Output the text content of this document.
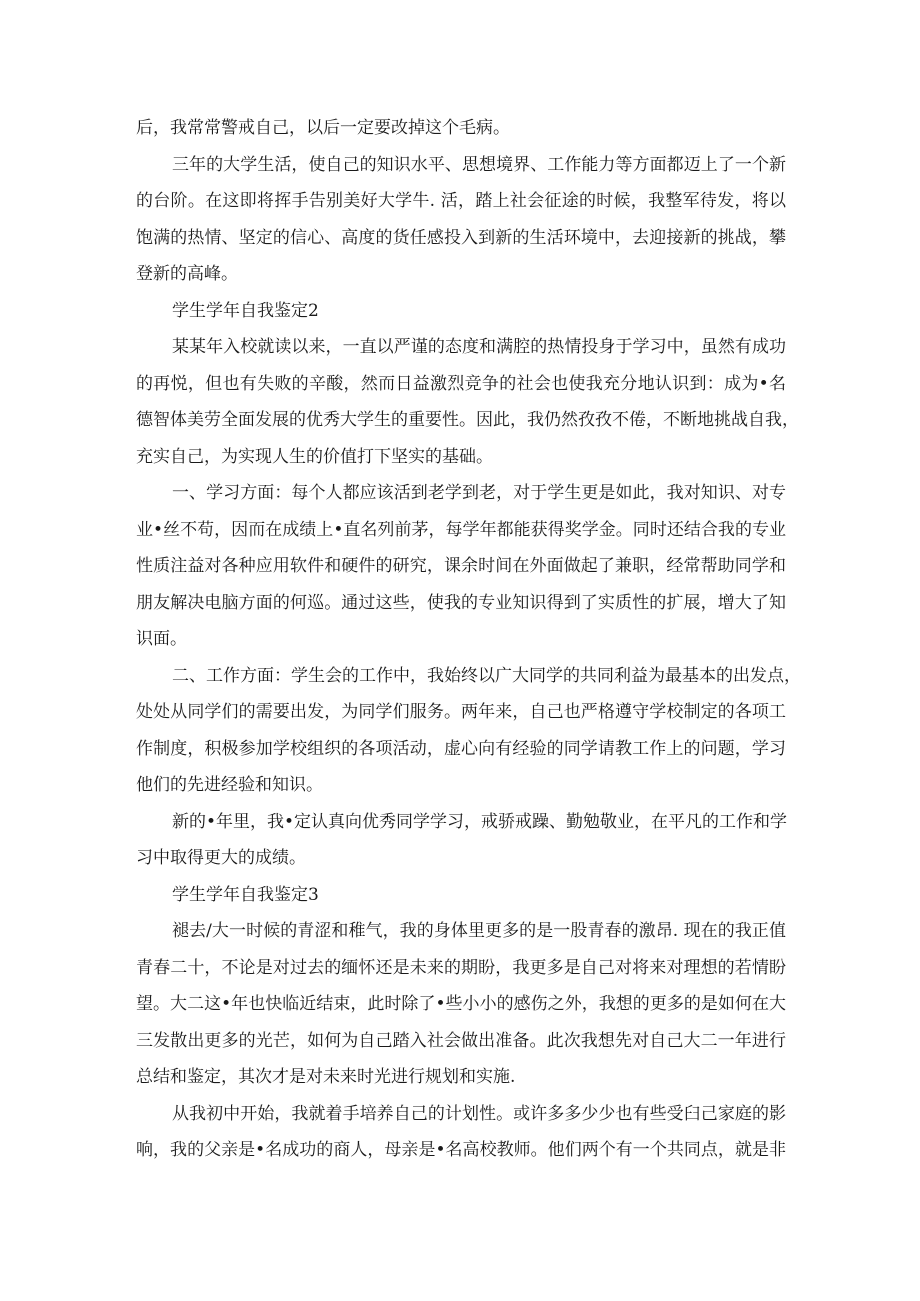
后，我常常警戒自己，以后一定要改掉这个毛病。
三年的大学生活，使自己的知识水平、思想境界、工作能力等方面都迈上了一个新
的台阶。在这即将挥手告别美好大学牛. 活，踏上社会征途的时候，我整军待发，将以
饱满的热情、坚定的信心、高度的货任感投入到新的生活环境中，去迎接新的挑战，攀
登新的高峰。
学生学年自我鉴定2
某某年入校就读以来，一直以严谨的态度和满腔的热情投身于学习中，虽然有成功
的再悦，但也有失败的辛酸，然而日益激烈竞争的社会也使我充分地认识到：成为•名
德智体美劳全面发展的优秀大学生的重要性。因此，我仍然孜孜不倦，不断地挑战自我，
充实自己，为实现人生的价值打下坚实的基础。
一、学习方面：每个人都应该活到老学到老，对于学生更是如此，我对知识、对专
业•丝不苟，因而在成绩上•直名列前茅，每学年都能获得奖学金。同时还结合我的专业
性质注益对各种应用软件和硬件的研究，课余时间在外面做起了兼职，经常帮助同学和
朋友解决电脑方面的何巡。通过这些，使我的专业知识得到了实质性的扩展，增大了知
识面。
二、工作方面：学生会的工作中，我始终以广大同学的共同利益为最基本的出发点，
处处从同学们的需要出发，为同学们服务。两年来，自己也严格遵守学校制定的各项工
作制度，积极参加学校组织的各项活动，虚心向有经验的同学请教工作上的问题，学习
他们的先进经验和知识。
新的•年里，我•定认真向优秀同学学习，戒骄戒躁、勤勉敬业，在平凡的工作和学
习中取得更大的成绩。
学生学年自我鉴定3
褪去/大一时候的青涩和稚气，我的身体里更多的是一股青春的激昂. 现在的我正值
青春二十，不论是对过去的缅怀还是未来的期盼，我更多是自己对将来对理想的若情盼
望。大二这•年也快临近结束，此时除了•些小小的感伤之外，我想的更多的是如何在大
三发散出更多的光芒，如何为自己踏入社会做出准备。此次我想先对自己大二一年进行
总结和鉴定，其次才是对未来时光进行规划和实施.
从我初中开始，我就着手培养自己的计划性。或许多多少少也有些受臼己家庭的影
响，我的父亲是•名成功的商人，母亲是•名高校教师。他们两个有一个共同点，就是非
